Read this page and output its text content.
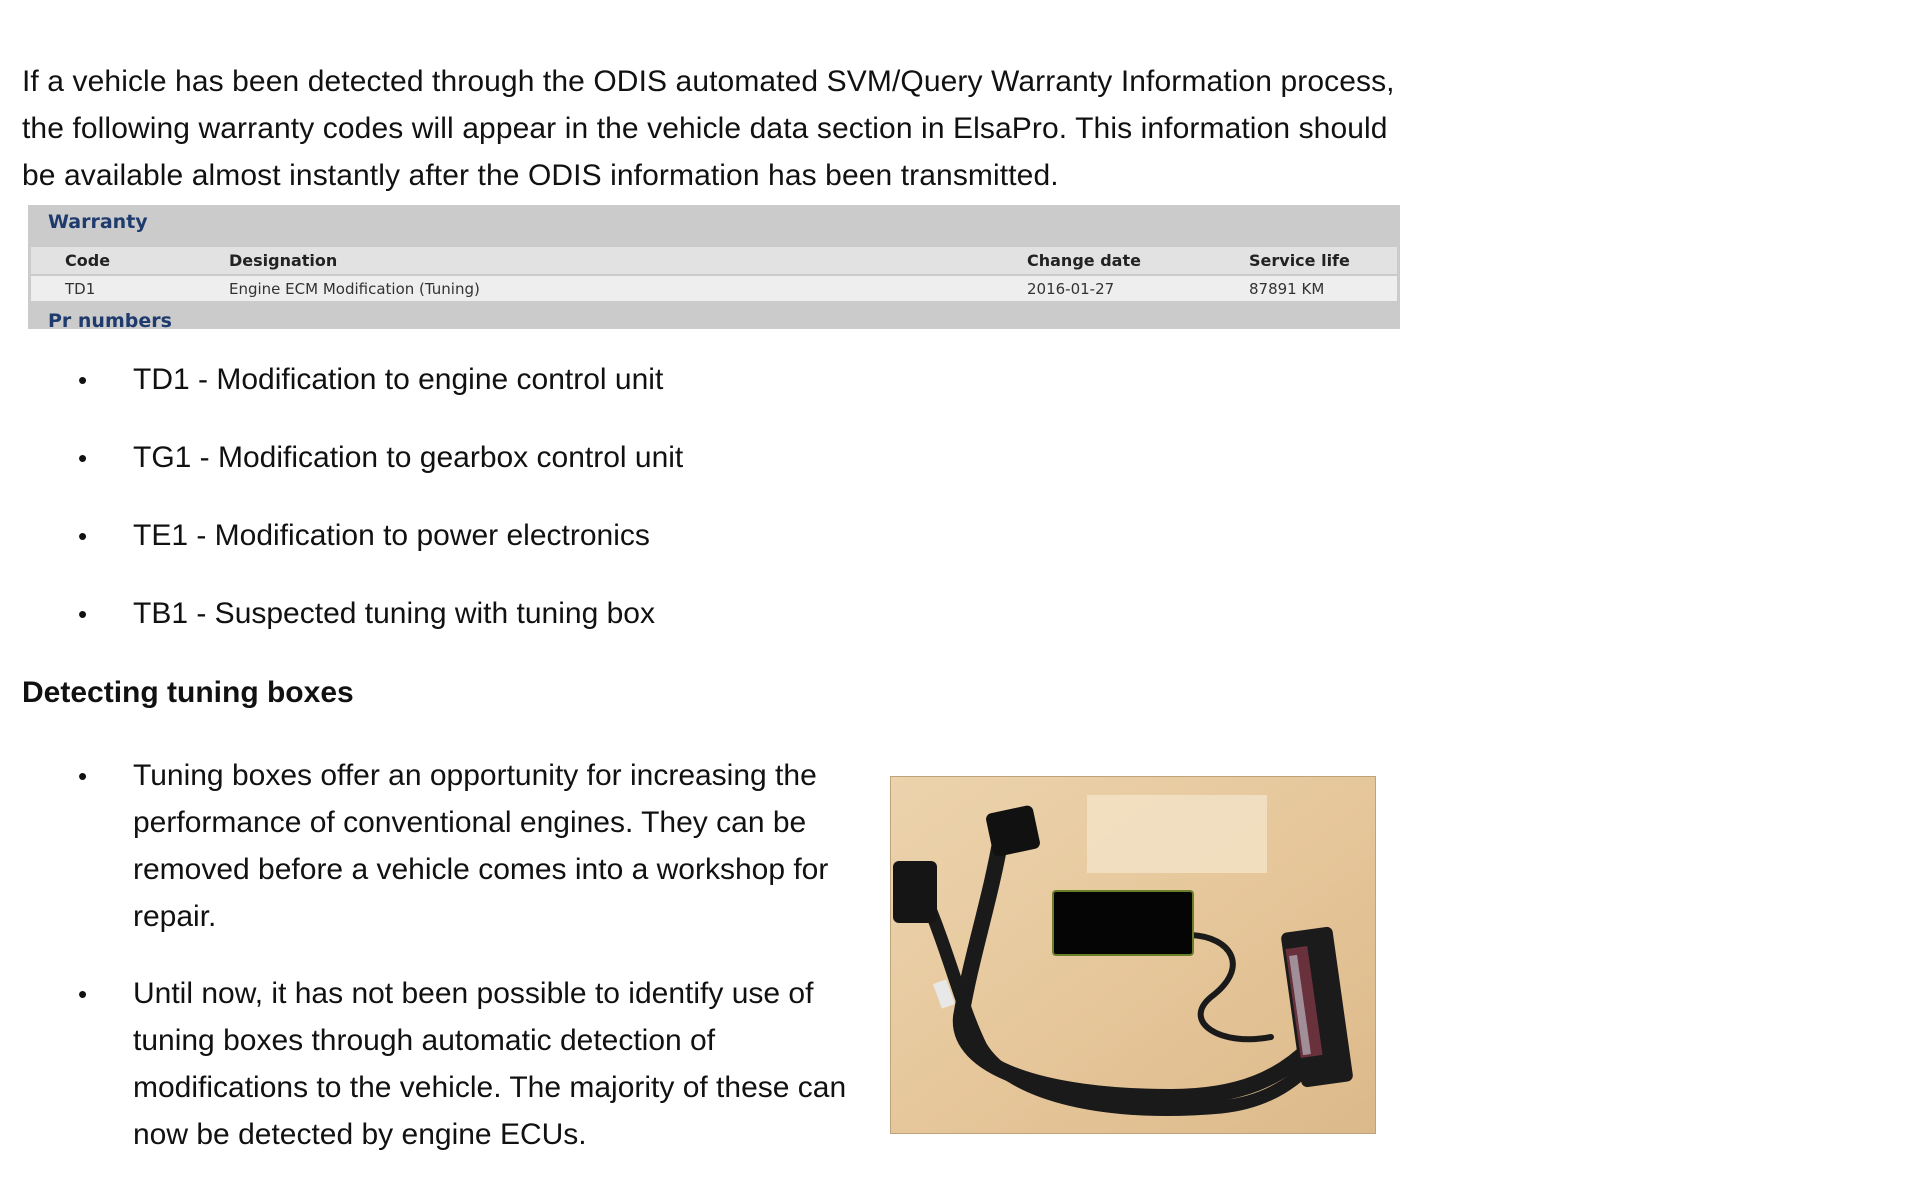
If a vehicle has been detected through the ODIS automated SVM/Query Warranty Information process, the following warranty codes will appear in the vehicle data section in ElsaPro. This information should be available almost instantly after the ODIS information has been transmitted.

Warranty
	Code	Designation	Change date	Service life
	TD1	Engine ECM Modification (Tuning)	2016-01-27	87891 KM
Pr numbers
• TD1 - Modification to engine control unit
• TG1 - Modification to gearbox control unit
• TE1 - Modification to power electronics
• TB1 - Suspected tuning with tuning box
Detecting tuning boxes
• Tuning boxes offer an opportunity for increasing the performance of conventional engines. They can be removed before a vehicle comes into a workshop for repair.
• Until now, it has not been possible to identify use of tuning boxes through automatic detection of modifications to the vehicle. The majority of these can now be detected by engine ECUs.
